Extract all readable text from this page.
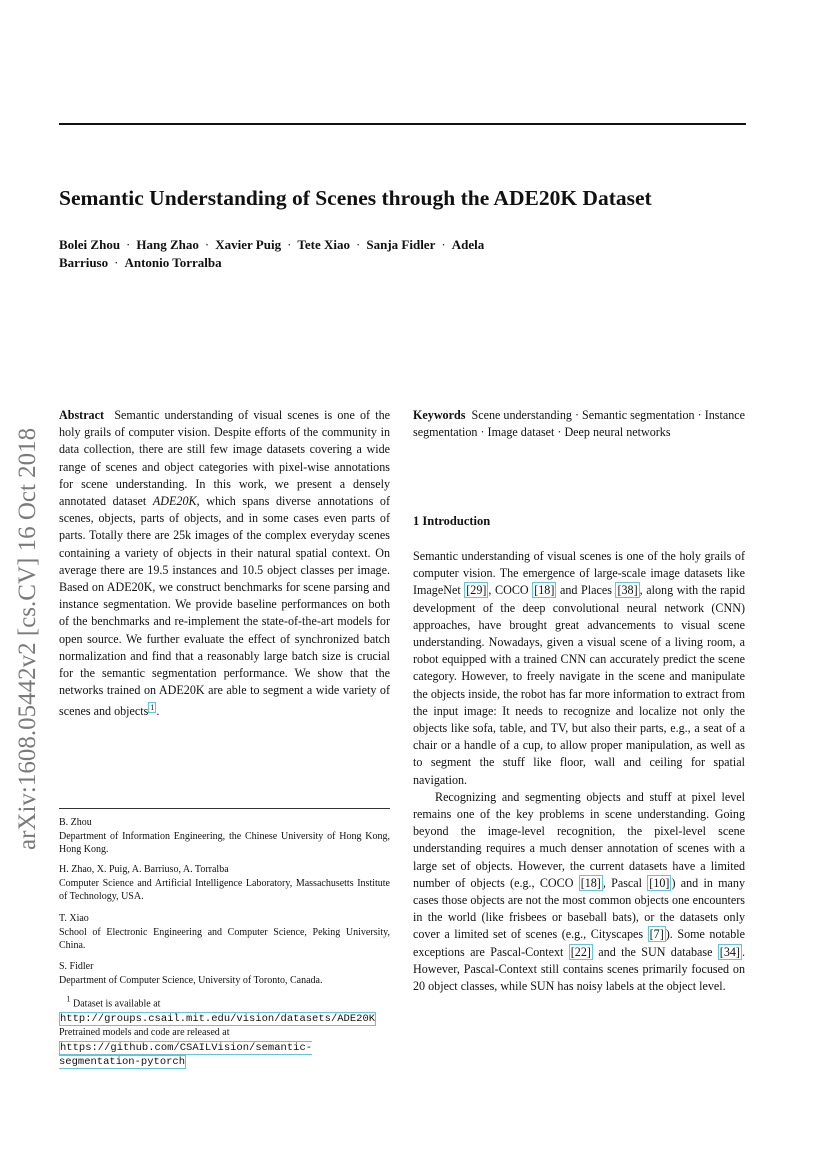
Semantic Understanding of Scenes through the ADE20K Dataset
Bolei Zhou · Hang Zhao · Xavier Puig · Tete Xiao · Sanja Fidler · Adela
Barriuso · Antonio Torralba
arXiv:1608.05442v2 [cs.CV] 16 Oct 2018
Abstract Semantic understanding of visual scenes is one of the holy grails of computer vision. Despite efforts of the community in data collection, there are still few image datasets covering a wide range of scenes and object categories with pixel-wise annotations for scene understanding. In this work, we present a densely annotated dataset ADE20K, which spans diverse annotations of scenes, objects, parts of objects, and in some cases even parts of parts. Totally there are 25k images of the complex everyday scenes containing a variety of objects in their natural spatial context. On average there are 19.5 instances and 10.5 object classes per image. Based on ADE20K, we construct benchmarks for scene parsing and instance segmentation. We provide baseline performances on both of the benchmarks and re-implement the state-of-the-art models for open source. We further evaluate the effect of synchronized batch normalization and find that a reasonably large batch size is crucial for the semantic segmentation performance. We show that the networks trained on ADE20K are able to segment a wide variety of scenes and objects $^1$ .
Keywords Scene understanding · Semantic segmentation · Instance segmentation · Image dataset · Deep neural networks
1 Introduction

Semantic understanding of visual scenes is one of the holy grails of computer vision. The emergence of large-scale image datasets like ImageNet [29] , COCO [18] and Places [38] , along with the rapid development of the deep convolutional neural network (CNN) approaches, have brought great advancements to visual scene understanding. Nowadays, given a visual scene of a living room, a robot equipped with a trained CNN can accurately predict the scene category. However, to freely navigate in the scene and manipulate the objects inside, the robot has far more information to extract from the input image: It needs to recognize and localize not only the objects like sofa, table, and TV, but also their parts, e.g., a seat of a chair or a handle of a cup, to allow proper manipulation, as well as to segment the stuff like floor, wall and ceiling for spatial navigation.

Recognizing and segmenting objects and stuff at pixel level remains one of the key problems in scene understanding. Going beyond the image-level recognition, the pixel-level scene understanding requires a much denser annotation of scenes with a large set of objects. However, the current datasets have a limited number of objects (e.g., COCO [18] , Pascal [10] ) and in many cases those objects are not the most common objects one encounters in the world (like frisbees or baseball bats), or the datasets only cover a limited set of scenes (e.g., Cityscapes [7] ). Some notable exceptions are Pascal-Context [22] and the SUN database [34] . However, Pascal-Context still contains scenes primarily focused on 20 object classes, while SUN has noisy labels at the object level.

B. Zhou
Department of Information Engineering, the Chinese University of Hong Kong, Hong Kong.
H. Zhao, X. Puig, A. Barriuso, A. Torralba
Computer Science and Artificial Intelligence Laboratory, Massachusetts Institute of Technology, USA.
T. Xiao
School of Electronic Engineering and Computer Science, Peking University, China.
S. Fidler
Department of Computer Science, University of Toronto, Canada.
$^1$ Dataset is available at http://groups.csail.mit.edu/vision/datasets/ADE20K
Pretrained models and code are released at https://github.com/CSAILVision/semantic-segmentation-pytorch
